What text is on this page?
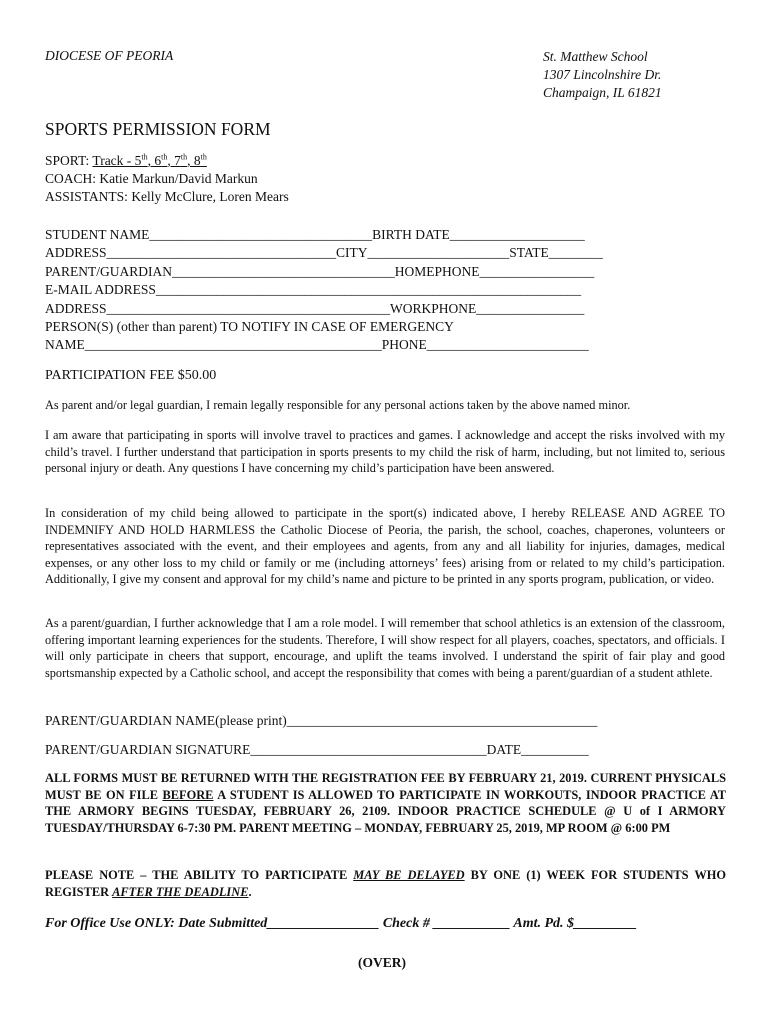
DIOCESE OF PEORIA	St. Matthew School
1307 Lincolnshire Dr.
Champaign, IL 61821
SPORTS PERMISSION FORM
SPORT: Track - 5th, 6th, 7th, 8th
COACH: Katie Markun/David Markun
ASSISTANTS: Kelly McClure, Loren Mears
STUDENT NAME_________________________________BIRTH DATE____________________
ADDRESS__________________________________CITY_____________________STATE________
PARENT/GUARDIAN_________________________________HOMEPHONE_________________
E-MAIL ADDRESS_______________________________________________________________
ADDRESS__________________________________________WORKPHONE________________
PERSON(S) (other than parent) TO NOTIFY IN CASE OF EMERGENCY
NAME____________________________________________PHONE________________________
PARTICIPATION FEE $50.00

As parent and/or legal guardian, I remain legally responsible for any personal actions taken by the above named minor.

I am aware that participating in sports will involve travel to practices and games. I acknowledge and accept the risks involved with my child’s travel. I further understand that participation in sports presents to my child the risk of harm, including, but not limited to, serious personal injury or death. Any questions I have concerning my child’s participation have been answered.

In consideration of my child being allowed to participate in the sport(s) indicated above, I hereby RELEASE AND AGREE TO INDEMNIFY AND HOLD HARMLESS the Catholic Diocese of Peoria, the parish, the school, coaches, chaperones, volunteers or representatives associated with the event, and their employees and agents, from any and all liability for injuries, damages, medical expenses, or any other loss to my child or family or me (including attorneys’ fees) arising from or related to my child’s participation. Additionally, I give my consent and approval for my child’s name and picture to be printed in any sports program, publication, or video.

As a parent/guardian, I further acknowledge that I am a role model. I will remember that school athletics is an extension of the classroom, offering important learning experiences for the students. Therefore, I will show respect for all players, coaches, spectators, and officials. I will only participate in cheers that support, encourage, and uplift the teams involved. I understand the spirit of fair play and good sportsmanship expected by a Catholic school, and accept the responsibility that comes with being a parent/guardian of a student athlete.

PARENT/GUARDIAN NAME(please print)______________________________________________
PARENT/GUARDIAN SIGNATURE___________________________________DATE__________

ALL FORMS MUST BE RETURNED WITH THE REGISTRATION FEE BY FEBRUARY 21, 2019. CURRENT PHYSICALS MUST BE ON FILE BEFORE A STUDENT IS ALLOWED TO PARTICIPATE IN WORKOUTS, INDOOR PRACTICE AT THE ARMORY BEGINS TUESDAY, FEBRUARY 26, 2109. INDOOR PRACTICE SCHEDULE @ U of I ARMORY TUESDAY/THURSDAY 6-7:30 PM. PARENT MEETING – MONDAY, FEBRUARY 25, 2019, MP ROOM @ 6:00 PM

PLEASE NOTE – THE ABILITY TO PARTICIPATE MAY BE DELAYED BY ONE (1) WEEK FOR STUDENTS WHO REGISTER AFTER THE DEADLINE.

For Office Use ONLY: Date Submitted________________ Check # ___________ Amt. Pd. $_________
(OVER)
